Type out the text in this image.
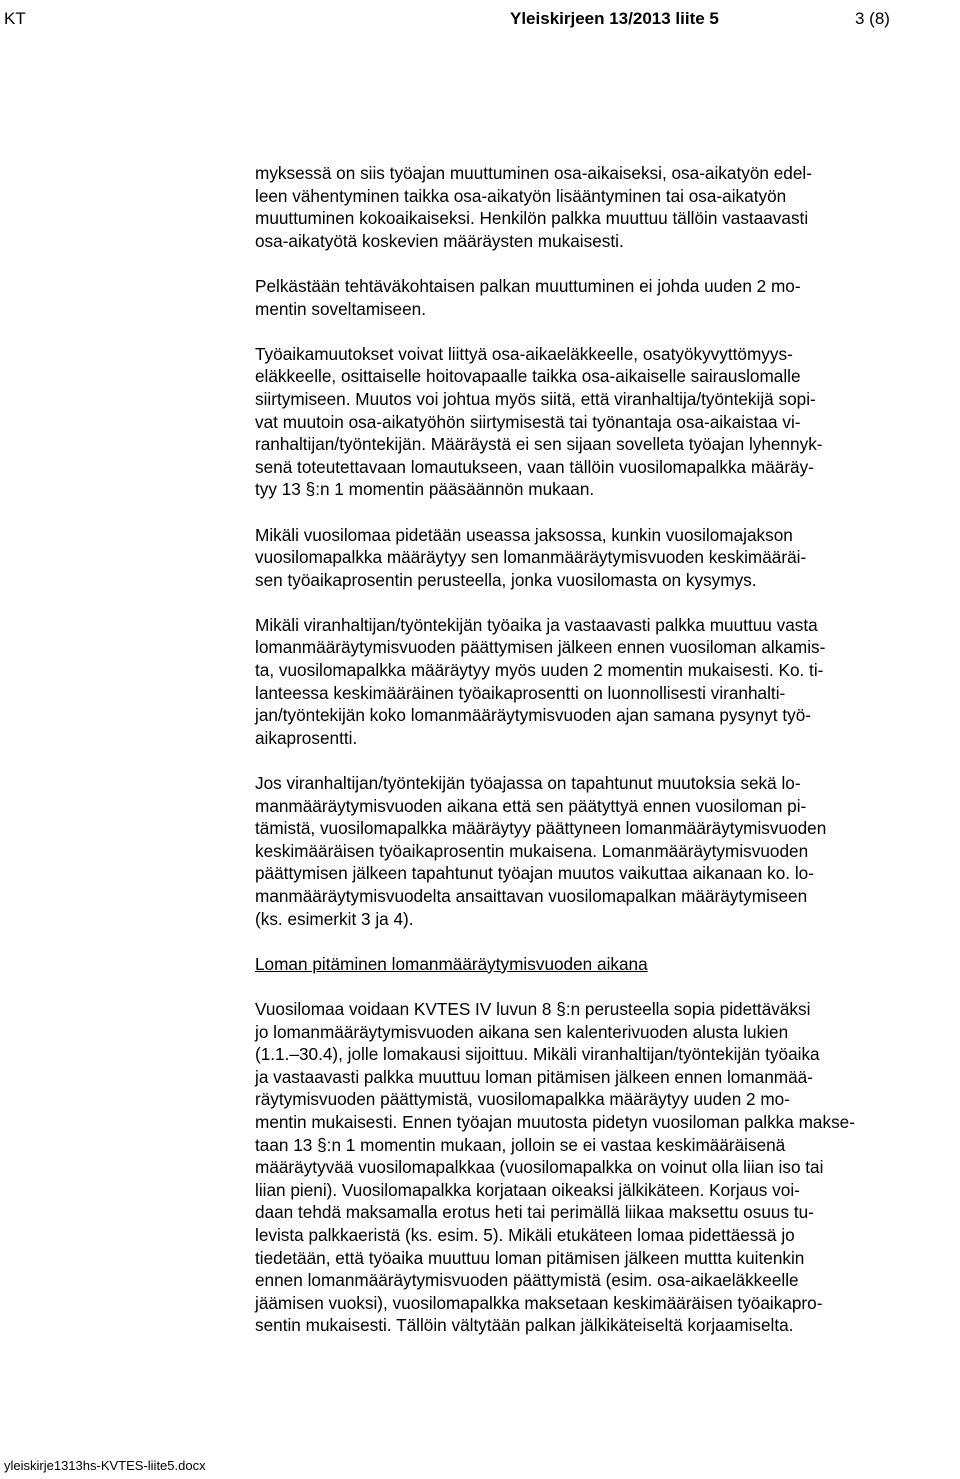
KT	Yleiskirjeen 13/2013 liite 5	3 (8)
myksessä on siis työajan muuttuminen osa-aikaiseksi, osa-aikatyön edel-
leen vähentyminen taikka osa-aikatyön lisääntyminen tai osa-aikatyön
muuttuminen kokoaikaiseksi. Henkilön palkka muuttuu tällöin vastaavasti
osa-aikatyötä koskevien määräysten mukaisesti.
Pelkästään tehtäväkohtaisen palkan muuttuminen ei johda uuden 2 mo-
mentin soveltamiseen.
Työaikamuutokset voivat liittyä osa-aikaeläkkeelle, osatyökyvyttömyys-
eläkkeelle, osittaiselle hoitovapaalle taikka osa-aikaiselle sairauslomalle
siirtymiseen. Muutos voi johtua myös siitä, että viranhaltija/työntekijä sopi-
vat muutoin osa-aikatyöhön siirtymisestä tai työnantaja osa-aikaistaa vi-
ranhaltijan/työntekijän. Määräystä ei sen sijaan sovelleta työajan lyhennyk-
senä toteutettavaan lomautukseen, vaan tällöin vuosilomapalkka määräy-
tyy 13 §:n 1 momentin pääsäännön mukaan.
Mikäli vuosilomaa pidetään useassa jaksossa, kunkin vuosilomajakson
vuosilomapalkka määräytyy sen lomanmääräytymisvuoden keskimääräi-
sen työaikaprosentin perusteella, jonka vuosilomasta on kysymys.
Mikäli viranhaltijan/työntekijän työaika ja vastaavasti palkka muuttuu vasta
lomanmääräytymisvuoden päättymisen jälkeen ennen vuosiloman alkamis-
ta, vuosilomapalkka määräytyy myös uuden 2 momentin mukaisesti. Ko. ti-
lanteessa keskimääräinen työaikaprosentti on luonnollisesti viranhalti-
jan/työntekijän koko lomanmääräytymisvuoden ajan samana pysynyt työ-
aikaprosentti.
Jos viranhaltijan/työntekijän työajassa on tapahtunut muutoksia sekä lo-
manmääräytymisvuoden aikana että sen päätyttyä ennen vuosiloman pi-
tämistä, vuosilomapalkka määräytyy päättyneen lomanmääräytymisvuoden
keskimääräisen työaikaprosentin mukaisena. Lomanmääräytymisvuoden
päättymisen jälkeen tapahtunut työajan muutos vaikuttaa aikanaan ko. lo-
manmääräytymisvuodelta ansaittavan vuosilomapalkan määräytymiseen
(ks. esimerkit 3 ja 4).
Loman pitäminen lomanmääräytymisvuoden aikana
Vuosilomaa voidaan KVTES IV luvun 8 §:n perusteella sopia pidettäväksi
jo lomanmääräytymisvuoden aikana sen kalenterivuoden alusta lukien
(1.1.–30.4), jolle lomakausi sijoittuu. Mikäli viranhaltijan/työntekijän työaika
ja vastaavasti palkka muuttuu loman pitämisen jälkeen ennen lomanmää-
räytymisvuoden päättymistä, vuosilomapalkka määräytyy uuden 2 mo-
mentin mukaisesti. Ennen työajan muutosta pidetyn vuosiloman palkka makse-
taan 13 §:n 1 momentin mukaan, jolloin se ei vastaa keskimääräisenä
määräytyvää vuosilomapalkkaa (vuosilomapalkka on voinut olla liian iso tai
liian pieni). Vuosilomapalkka korjataan oikeaksi jälkikäteen. Korjaus voi-
daan tehdä maksamalla erotus heti tai perimällä liikaa maksettu osuus tu-
levista palkkaeristä (ks. esim. 5). Mikäli etukäteen lomaa pidettäessä jo
tiedetään, että työaika muuttuu loman pitämisen jälkeen muttta kuitenkin
ennen lomanmääräytymisvuoden päättymistä (esim. osa-aikaeläkkeelle
jäämisen vuoksi), vuosilomapalkka maksetaan keskimääräisen työaikapro-
sentin mukaisesti. Tällöin vältytään palkan jälkikäteiseltä korjaamiselta.
yleiskirje1313hs-KVTES-liite5.docx
